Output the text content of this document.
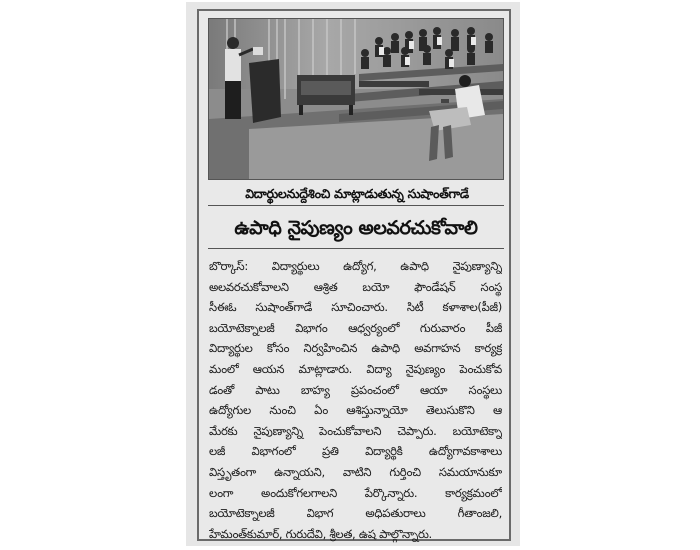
విదార్థులనుద్దేశించి మాట్లాడుతున్న సుషాంత్‌గాడే
ఉపాధి నైపుణ్యం అలవరచుకోవాలి
బొర్కాస్: విద్యార్థులు ఉద్యోగ, ఉపాధి నైపుణ్యాన్ని
అలవరచుకోవాలని ఆశ్రిత బయో ఫౌండేషన్ సంస్థ
సీఈఓ సుషాంత్‌గాడే సూచించారు. సిటీ కళాశాల(పీజీ)
బయోటెక్నాలజీ విభాగం ఆధ్వర్యంలో గురువారం పీజీ
విద్యార్థుల కోసం నిర్వహించిన ఉపాధి అవగాహన కార్యక్ర
మంలో ఆయన మాట్లాడారు. విద్యా నైపుణ్యం పెంచుకోవ
డంతో పాటు బాహ్య ప్రపంచంలో ఆయా సంస్థలు
ఉద్యోగుల నుంచి ఏం ఆశిస్తున్నాయో తెలుసుకొని ఆ
మేరకు నైపుణ్యాన్ని పెంచుకోవాలని చెప్పారు. బయోటెక్నా
లజీ విభాగంలో ప్రతి విద్యార్థికి ఉద్యోగావకాశాలు
విస్తృతంగా ఉన్నాయని, వాటిని గుర్తించి సమయానుకూ
లంగా అందుకోగలగాలని పేర్కొన్నారు. కార్యక్రమంలో
బయోటెక్నాలజీ విభాగ అధిపతురాలు గీతాంజలి,
హేమంత్‌కుమార్, గురుదేవి, శ్రీలత, ఉష పాల్గొన్నారు.
